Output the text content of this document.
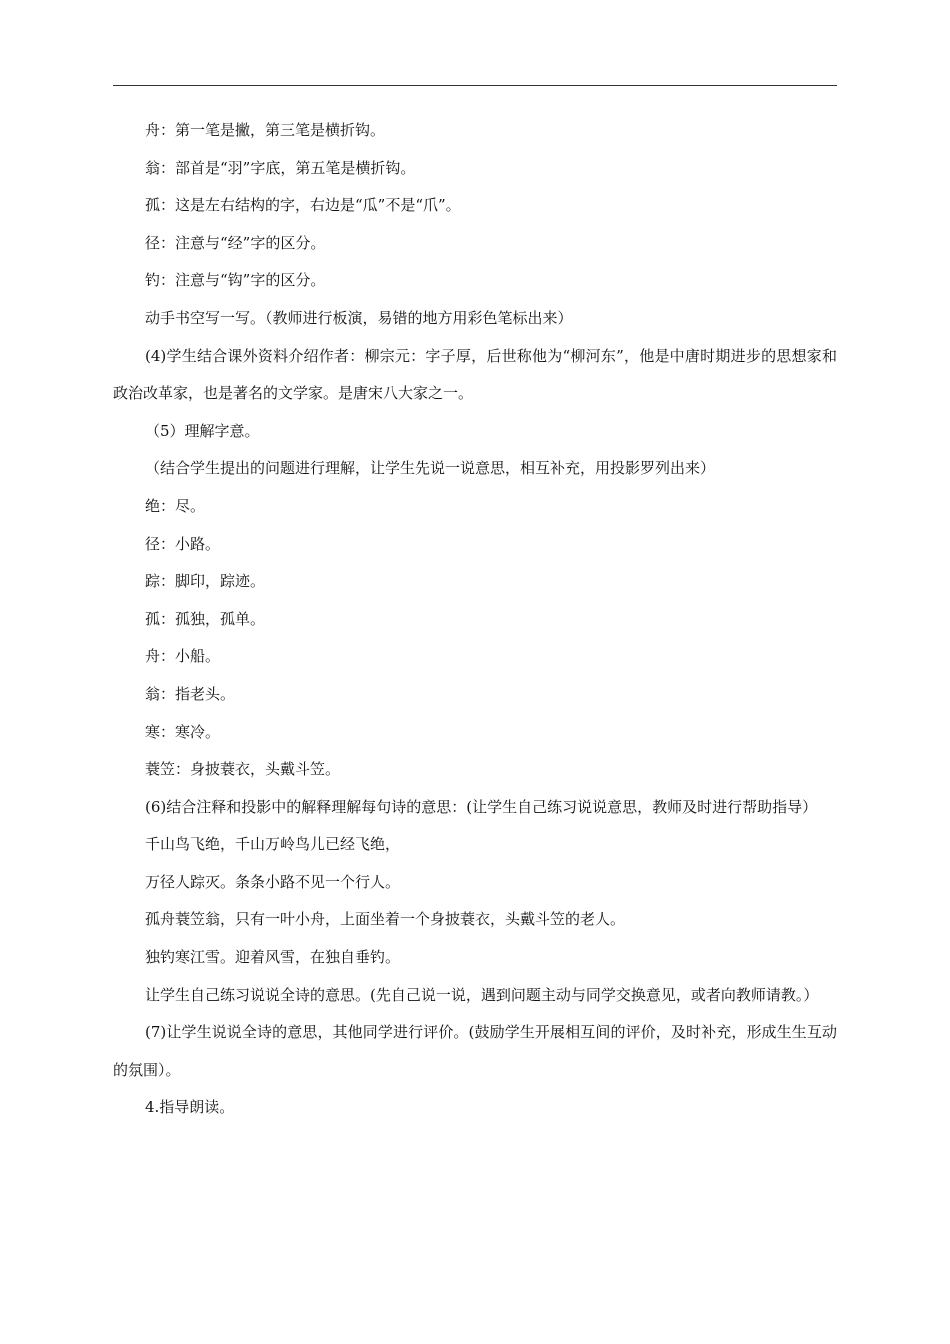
舟：第一笔是撇，第三笔是横折钩。
翁：部首是“羽”字底，第五笔是横折钩。
孤：这是左右结构的字，右边是“瓜”不是“爪”。
径：注意与“经”字的区分。
钓：注意与“钩”字的区分。
动手书空写一写。（教师进行板演，易错的地方用彩色笔标出来）
(4)学生结合课外资料介绍作者：柳宗元：字子厚，后世称他为“柳河东”，他是中唐时期进步的思想家和政治改革家，也是著名的文学家。是唐宋八大家之一。
（5）理解字意。
（结合学生提出的问题进行理解，让学生先说一说意思，相互补充，用投影罗列出来）
绝：尽。
径：小路。
踪：脚印，踪迹。
孤：孤独，孤单。
舟：小船。
翁：指老头。
寒：寒冷。
蓑笠：身披蓑衣，头戴斗笠。
(6)结合注释和投影中的解释理解每句诗的意思：(让学生自己练习说说意思，教师及时进行帮助指导）
千山鸟飞绝，千山万岭鸟儿已经飞绝，
万径人踪灭。条条小路不见一个行人。
孤舟蓑笠翁，只有一叶小舟，上面坐着一个身披蓑衣，头戴斗笠的老人。
独钓寒江雪。迎着风雪，在独自垂钓。
让学生自己练习说说全诗的意思。(先自己说一说，遇到问题主动与同学交换意见，或者向教师请教。）
(7)让学生说说全诗的意思，其他同学进行评价。(鼓励学生开展相互间的评价，及时补充，形成生生互动的氛围）。
4.指导朗读。
